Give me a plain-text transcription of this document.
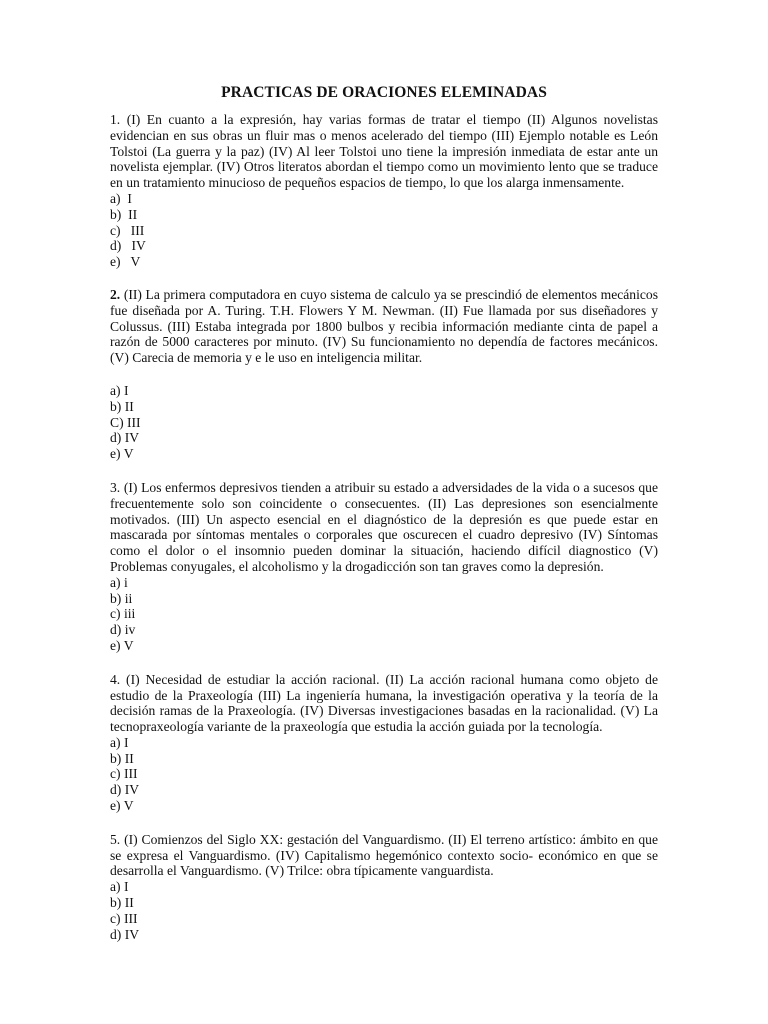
PRACTICAS DE ORACIONES ELEMINADAS

1. (I) En cuanto a la expresión, hay varias formas de tratar el tiempo (II) Algunos novelistas evidencian en sus obras un fluir mas o menos acelerado del tiempo (III) Ejemplo notable es León Tolstoi (La guerra y la paz) (IV) Al leer Tolstoi uno tiene la impresión inmediata de estar ante un novelista ejemplar. (IV) Otros literatos abordan el tiempo como un movimiento lento que se traduce en un tratamiento minucioso de pequeños espacios de tiempo, lo que los alarga inmensamente.

a)  I
b)  II
c)   III
d)   IV
e)   V

2. (II) La primera computadora en cuyo sistema de calculo ya se prescindió de elementos mecánicos fue diseñada por A. Turing. T.H. Flowers Y M. Newman. (II) Fue llamada por sus diseñadores y Colussus. (III) Estaba integrada por 1800 bulbos y recibia información mediante cinta de papel a razón de 5000 caracteres por minuto. (IV) Su funcionamiento no dependía de factores mecánicos. (V) Carecia de memoria y e le uso en inteligencia militar.

a) I
b) II
C) III
d) IV
e) V

3. (I) Los enfermos depresivos tienden a atribuir su estado a adversidades de la vida o a sucesos que frecuentemente solo son coincidente o consecuentes. (II) Las depresiones son esencialmente motivados. (III) Un aspecto esencial en el diagnóstico de la depresión es que puede estar en mascarada por síntomas mentales o corporales que oscurecen el cuadro depresivo (IV) Síntomas como el dolor o el insomnio pueden dominar la situación, haciendo difícil diagnostico (V) Problemas conyugales, el alcoholismo y la drogadicción son tan graves como la depresión.

a) i
b) ii
c) iii
d) iv
e) V

4. (I) Necesidad de estudiar la acción racional. (II) La acción racional humana como objeto de estudio de la Praxeología (III) La ingeniería humana, la investigación operativa y la teoría de la decisión ramas de la Praxeología. (IV) Diversas investigaciones basadas en la racionalidad. (V) La tecnopraxeología variante de la praxeología que estudia la acción guiada por la tecnología.

a) I
b) II
c) III
d) IV
e) V

5. (I) Comienzos del Siglo XX: gestación del Vanguardismo. (II) El terreno artístico: ámbito en que se expresa el Vanguardismo. (IV) Capitalismo hegemónico contexto socio- económico en que se desarrolla el Vanguardismo. (V) Trilce: obra típicamente vanguardista.

a) I
b) II
c) III
d) IV
